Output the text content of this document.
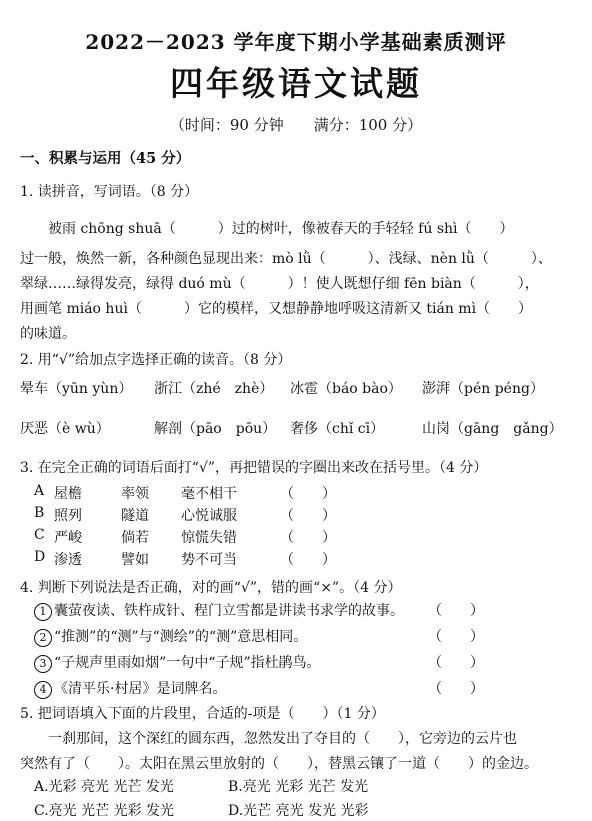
2022－2023 学年度下期小学基础素质测评
四年级语文试题
（时间：90 分钟　　满分：100 分）
一、积累与运用（45 分）
1. 读拼音，写词语。（8 分）
被雨 chōng shuā（　　　）过的树叶，像被春天的手轻轻 fú shì（　　）
过一般，焕然一新，各种颜色显现出来：mò lǜ（　　　）、浅绿、nèn lǜ（　　　）、
翠绿……绿得发亮，绿得 duó mù（　　　）！使人既想仔细 fēn biàn（　　　），
用画笔 miáo huì（　　　）它的模样，又想静静地呼吸这清新又 tián mì（　　）
的味道。
2. 用“√”给加点字选择正确的读音。（8 分）
晕车（yūn yùn） 浙江（zhé　zhè） 冰雹（báo bào） 澎湃（pén péng）
厌恶（è wù）	解剖（pāo　pōu） 奢侈（chǐ cī）	山岗（gāng　gǎng）
3. 在完全正确的词语后面打“√”，再把错误的字圈出来改在括号里。（4 分）
A 屋檐	率领 毫不相干	（　　）
B 照列	隧道 心悦诚服	（　　）
C 严峻	倘若 惊慌失错	（　　）
D 渗透	譬如 势不可当	（　　）
4. 判断下列说法是否正确，对的画“√”，错的画“×”。（4 分）
1 囊萤夜读、铁杵成针、程门立雪都是讲读书求学的故事。 （　　）
2 “推测”的“测”与“测绘”的“测”意思相同。	（　　）
3 “子规声里雨如烟”一句中“子规”指杜鹃鸟。	（　　）
4 《清平乐·村居》是词牌名。	（　　）
5. 把词语填入下面的片段里，合适的-项是（　　）（1 分）
一刹那间，这个深红的圆东西，忽然发出了夺目的（　　），它旁边的云片也
突然有了（　　）。太阳在黑云里放射的（　　），替黑云镶了一道（　　）的金边。
A.光彩 亮光 光芒 发光	B.亮光 光彩 光芒 发光
C.亮光 光芒 光彩 发光	D.光芒 亮光 发光 光彩
